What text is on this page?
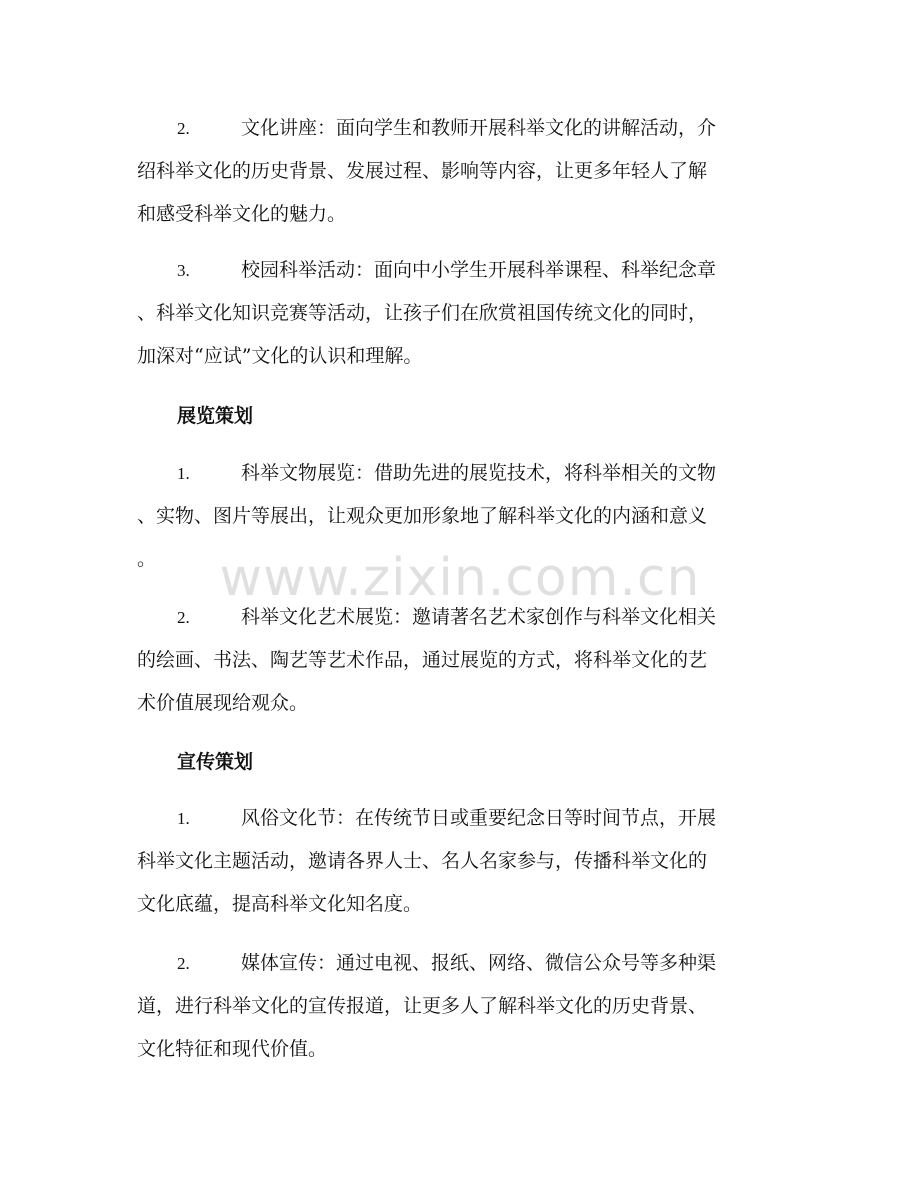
2.	文化讲座：面向学生和教师开展科举文化的讲解活动，介
绍科举文化的历史背景、发展过程、影响等内容，让更多年轻人了解
和感受科举文化的魅力。
3.	校园科举活动：面向中小学生开展科举课程、科举纪念章
、科举文化知识竞赛等活动，让孩子们在欣赏祖国传统文化的同时，
加深对“应试”文化的认识和理解。
展览策划
1.	科举文物展览：借助先进的展览技术，将科举相关的文物
、实物、图片等展出，让观众更加形象地了解科举文化的内涵和意义
。
2.	科举文化艺术展览：邀请著名艺术家创作与科举文化相关
的绘画、书法、陶艺等艺术作品，通过展览的方式，将科举文化的艺
术价值展现给观众。
宣传策划
1.	风俗文化节：在传统节日或重要纪念日等时间节点，开展
科举文化主题活动，邀请各界人士、名人名家参与，传播科举文化的
文化底蕴，提高科举文化知名度。
2.	媒体宣传：通过电视、报纸、网络、微信公众号等多种渠
道，进行科举文化的宣传报道，让更多人了解科举文化的历史背景、
文化特征和现代价值。
www.zixin.com.cn
